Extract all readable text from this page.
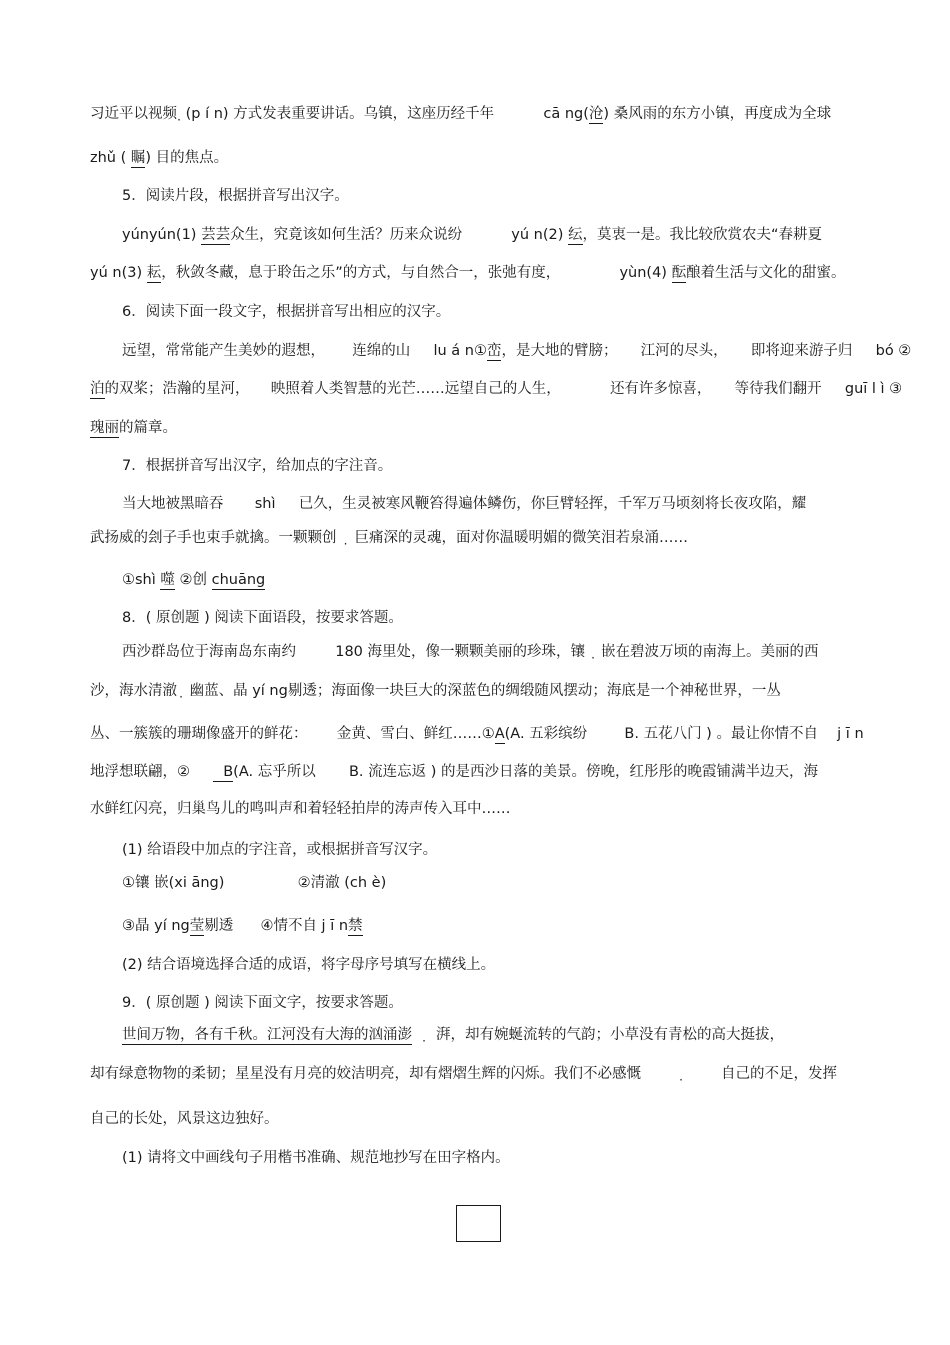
习近平以视频 (p í n) 方式发表重要讲话。乌镇，这座历经千年	cā ng(沧) 桑风雨的东方小镇，再度成为全球
zhǔ ( 瞩) 目的焦点。
5．阅读片段，根据拼音写出汉字。
yúnyún(1) 芸芸众生，究竟该如何生活？历来众说纷	yú n(2) 纭，莫衷一是。我比较欣赏农夫“春耕夏
yú n(3) 耘，秋敛冬藏，息于聆缶之乐”的方式，与自然合一，张弛有度，	yùn(4) 酝酿着生活与文化的甜蜜。
6．阅读下面一段文字，根据拼音写出相应的汉字。
远望，常常能产生美妙的遐想， 连绵的山 lu á n①峦，是大地的臂膀； 江河的尽头， 即将迎来游子归 bó ②
泊的双桨；浩瀚的星河， 映照着人类智慧的光芒……远望自己的人生，	还有许多惊喜， 等待我们翻开 guī l ì ③
瑰丽的篇章。
7．根据拼音写出汉字，给加点的字注音。
当大地被黑暗吞 shì 已久，生灵被寒风鞭笞得遍体鳞伤，你巨臂轻挥，千军万马顷刻将长夜攻陷，耀
武扬威的刽子手也束手就擒。一颗颗创 巨痛深的灵魂，面对你温暖明媚的微笑泪若泉涌……
①shì 噬 ②创 chuāng
8．( 原创题 ) 阅读下面语段，按要求答题。
西沙群岛位于海南岛东南约	180 海里处，像一颗颗美丽的珍珠，镶 嵌在碧波万顷的南海上。美丽的西
沙，海水清澈 幽蓝、晶 yí ng剔透；海面像一块巨大的深蓝色的绸缎随风摆动；海底是一个神秘世界，一丛
丛、一簇簇的珊瑚像盛开的鲜花： 金黄、雪白、鲜红……①A(A. 五彩缤纷	B. 五花八门 ) 。最让你情不自 j ī n
地浮想联翩，② B(A. 忘乎所以 B. 流连忘返 ) 的是西沙日落的美景。傍晚，红彤彤的晚霞铺满半边天，海
水鲜红闪亮，归巢鸟儿的鸣叫声和着轻轻拍岸的涛声传入耳中……
(1) 给语段中加点的字注音，或根据拼音写汉字。
①镶 嵌(xi āng)	②清澈 (ch è)
③晶 yí ng莹剔透 ④情不自 j ī n禁
(2) 结合语境选择合适的成语，将字母序号填写在横线上。
9．( 原创题 ) 阅读下面文字，按要求答题。
世间万物，各有千秋。江河没有大海的汹涌澎 湃，却有婉蜒流转的气韵；小草没有青松的高大挺拔，
却有绿意物物的柔韧；星星没有月亮的姣洁明亮，却有熠熠生辉的闪烁。我们不必感慨	自己的不足，发挥
自己的长处，风景这边独好。
(1) 请将文中画线句子用楷书准确、规范地抄写在田字格内。
